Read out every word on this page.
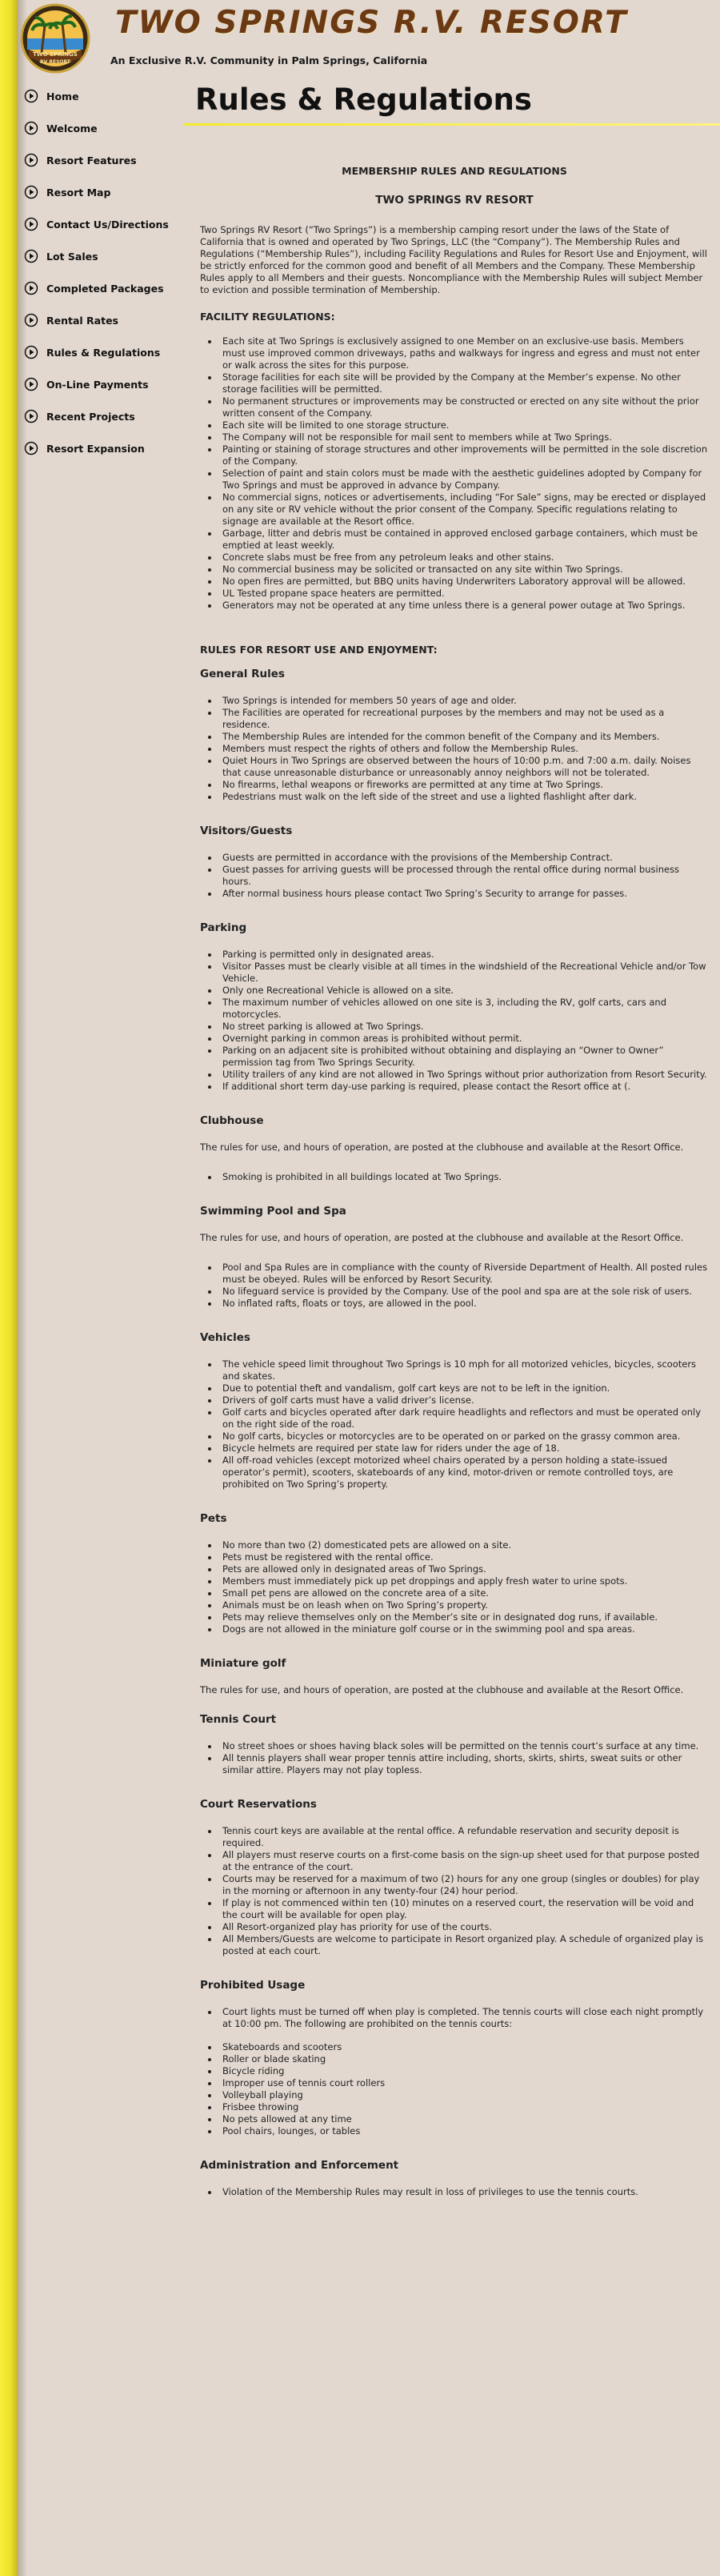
TWO SPRINGS
RV RESORT
TWO SPRINGS R.V. RESORT

An Exclusive R.V. Community in Palm Springs, California

Home
Welcome
Resort Features
Resort Map
Contact Us/Directions
Lot Sales
Completed Packages
Rental Rates
Rules & Regulations
On-Line Payments
Recent Projects
Resort Expansion
Rules & Regulations

MEMBERSHIP RULES AND REGULATIONS

TWO SPRINGS RV RESORT

Two Springs RV Resort (“Two Springs”) is a membership camping resort under the laws of the State of California that is owned and operated by Two Springs, LLC (the “Company”). The Membership Rules and Regulations (“Membership Rules”), including Facility Regulations and Rules for Resort Use and Enjoyment, will be strictly enforced for the common good and benefit of all Members and the Company. These Membership Rules apply to all Members and their guests. Noncompliance with the Membership Rules will subject Member to eviction and possible termination of Membership.

FACILITY REGULATIONS:
• Each site at Two Springs is exclusively assigned to one Member on an exclusive-use basis. Members must use improved common driveways, paths and walkways for ingress and egress and must not enter or walk across the sites for this purpose.
• Storage facilities for each site will be provided by the Company at the Member’s expense. No other storage facilities will be permitted.
• No permanent structures or improvements may be constructed or erected on any site without the prior written consent of the Company.
• Each site will be limited to one storage structure.
• The Company will not be responsible for mail sent to members while at Two Springs.
• Painting or staining of storage structures and other improvements will be permitted in the sole discretion of the Company.
• Selection of paint and stain colors must be made with the aesthetic guidelines adopted by Company for Two Springs and must be approved in advance by Company.
• No commercial signs, notices or advertisements, including “For Sale” signs, may be erected or displayed on any site or RV vehicle without the prior consent of the Company. Specific regulations relating to signage are available at the Resort office.
• Garbage, litter and debris must be contained in approved enclosed garbage containers, which must be emptied at least weekly.
• Concrete slabs must be free from any petroleum leaks and other stains.
• No commercial business may be solicited or transacted on any site within Two Springs.
• No open fires are permitted, but BBQ units having Underwriters Laboratory approval will be allowed.
• UL Tested propane space heaters are permitted.
• Generators may not be operated at any time unless there is a general power outage at Two Springs.
RULES FOR RESORT USE AND ENJOYMENT:
General Rules
• Two Springs is intended for members 50 years of age and older.
• The Facilities are operated for recreational purposes by the members and may not be used as a residence.
• The Membership Rules are intended for the common benefit of the Company and its Members.
• Members must respect the rights of others and follow the Membership Rules.
• Quiet Hours in Two Springs are observed between the hours of 10:00 p.m. and 7:00 a.m. daily. Noises that cause unreasonable disturbance or unreasonably annoy neighbors will not be tolerated.
• No firearms, lethal weapons or fireworks are permitted at any time at Two Springs.
• Pedestrians must walk on the left side of the street and use a lighted flashlight after dark.
Visitors/Guests
• Guests are permitted in accordance with the provisions of the Membership Contract.
• Guest passes for arriving guests will be processed through the rental office during normal business hours.
• After normal business hours please contact Two Spring’s Security to arrange for passes.
Parking
• Parking is permitted only in designated areas.
• Visitor Passes must be clearly visible at all times in the windshield of the Recreational Vehicle and/or Tow Vehicle.
• Only one Recreational Vehicle is allowed on a site.
• The maximum number of vehicles allowed on one site is 3, including the RV, golf carts, cars and motorcycles.
• No street parking is allowed at Two Springs.
• Overnight parking in common areas is prohibited without permit.
• Parking on an adjacent site is prohibited without obtaining and displaying an “Owner to Owner” permission tag from Two Springs Security.
• Utility trailers of any kind are not allowed in Two Springs without prior authorization from Resort Security.
• If additional short term day-use parking is required, please contact the Resort office at (.
Clubhouse

The rules for use, and hours of operation, are posted at the clubhouse and available at the Resort Office.

• Smoking is prohibited in all buildings located at Two Springs.
Swimming Pool and Spa

The rules for use, and hours of operation, are posted at the clubhouse and available at the Resort Office.

• Pool and Spa Rules are in compliance with the county of Riverside Department of Health. All posted rules must be obeyed. Rules will be enforced by Resort Security.
• No lifeguard service is provided by the Company. Use of the pool and spa are at the sole risk of users.
• No inflated rafts, floats or toys, are allowed in the pool.
Vehicles
• The vehicle speed limit throughout Two Springs is 10 mph for all motorized vehicles, bicycles, scooters and skates.
• Due to potential theft and vandalism, golf cart keys are not to be left in the ignition.
• Drivers of golf carts must have a valid driver’s license.
• Golf carts and bicycles operated after dark require headlights and reflectors and must be operated only on the right side of the road.
• No golf carts, bicycles or motorcycles are to be operated on or parked on the grassy common area.
• Bicycle helmets are required per state law for riders under the age of 18.
• All off-road vehicles (except motorized wheel chairs operated by a person holding a state-issued operator’s permit), scooters, skateboards of any kind, motor-driven or remote controlled toys, are prohibited on Two Spring’s property.
Pets
• No more than two (2) domesticated pets are allowed on a site.
• Pets must be registered with the rental office.
• Pets are allowed only in designated areas of Two Springs.
• Members must immediately pick up pet droppings and apply fresh water to urine spots.
• Small pet pens are allowed on the concrete area of a site.
• Animals must be on leash when on Two Spring’s property.
• Pets may relieve themselves only on the Member’s site or in designated dog runs, if available.
• Dogs are not allowed in the miniature golf course or in the swimming pool and spa areas.
Miniature golf

The rules for use, and hours of operation, are posted at the clubhouse and available at the Resort Office.

Tennis Court
• No street shoes or shoes having black soles will be permitted on the tennis court’s surface at any time.
• All tennis players shall wear proper tennis attire including, shorts, skirts, shirts, sweat suits or other similar attire. Players may not play topless.
Court Reservations
• Tennis court keys are available at the rental office. A refundable reservation and security deposit is required.
• All players must reserve courts on a first-come basis on the sign-up sheet used for that purpose posted at the entrance of the court.
• Courts may be reserved for a maximum of two (2) hours for any one group (singles or doubles) for play in the morning or afternoon in any twenty-four (24) hour period.
• If play is not commenced within ten (10) minutes on a reserved court, the reservation will be void and the court will be available for open play.
• All Resort-organized play has priority for use of the courts.
• All Members/Guests are welcome to participate in Resort organized play. A schedule of organized play is posted at each court.
Prohibited Usage
• Court lights must be turned off when play is completed. The tennis courts will close each night promptly at 10:00 pm. The following are prohibited on the tennis courts:
• Skateboards and scooters
• Roller or blade skating
• Bicycle riding
• Improper use of tennis court rollers
• Volleyball playing
• Frisbee throwing
• No pets allowed at any time
• Pool chairs, lounges, or tables
Administration and Enforcement
• Violation of the Membership Rules may result in loss of privileges to use the tennis courts.
